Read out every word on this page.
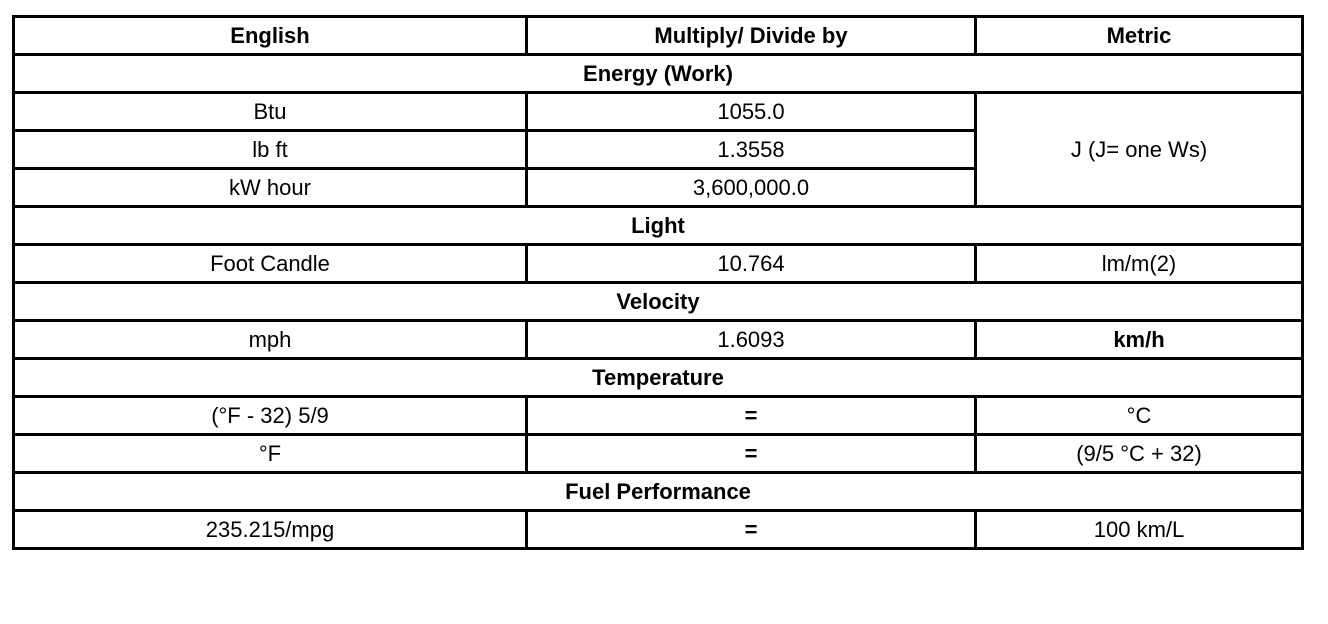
English	Multiply/ Divide by	Metric
Energy (Work)		
Btu	1055.0	J (J= one Ws)
lb ft	1.3558	
kW hour	3,600,000.0	
Light		
Foot Candle	10.764	lm/m(2)
Velocity		
mph	1.6093	km/h
Temperature		
(°F - 32) 5/9	=	°C
°F	=	(9/5 °C + 32)
Fuel Performance		
235.215/mpg	=	100 km/L
